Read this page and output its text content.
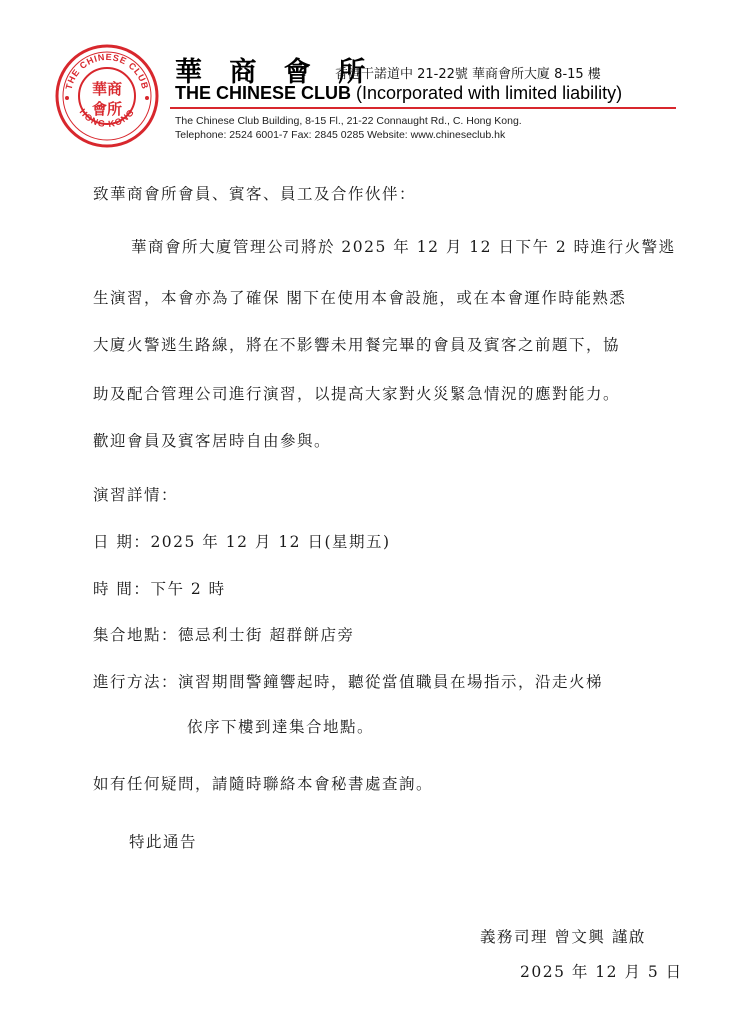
THE CHINESE CLUB
HONG KONG
華商
會所

華 商 會 所

香港干諾道中 21-22號 華商會所大廈 8-15 樓

THE CHINESE CLUB (Incorporated with limited liability)

The Chinese Club Building, 8-15 Fl., 21-22 Connaught Rd., C. Hong Kong.

Telephone: 2524 6001-7 Fax: 2845 0285 Website: www.chineseclub.hk

致華商會所會員、賓客、員工及合作伙伴：

華商會所大廈管理公司將於 2025 年 12 月 12 日下午 2 時進行火警逃

生演習，本會亦為了確保 閣下在使用本會設施，或在本會運作時能熟悉

大廈火警逃生路線，將在不影響未用餐完畢的會員及賓客之前題下，協

助及配合管理公司進行演習，以提高大家對火災緊急情況的應對能力。

歡迎會員及賓客居時自由參與。

演習詳情：

日 期：2025 年 12 月 12 日(星期五)

時 間：下午 2 時

集合地點：德忌利士街 超群餅店旁

進行方法：演習期間警鐘響起時，聽從當值職員在場指示，沿走火梯

依序下樓到達集合地點。

如有任何疑問，請隨時聯絡本會秘書處查詢。

特此通告

義務司理 曾文興 謹啟

2025 年 12 月 5 日
